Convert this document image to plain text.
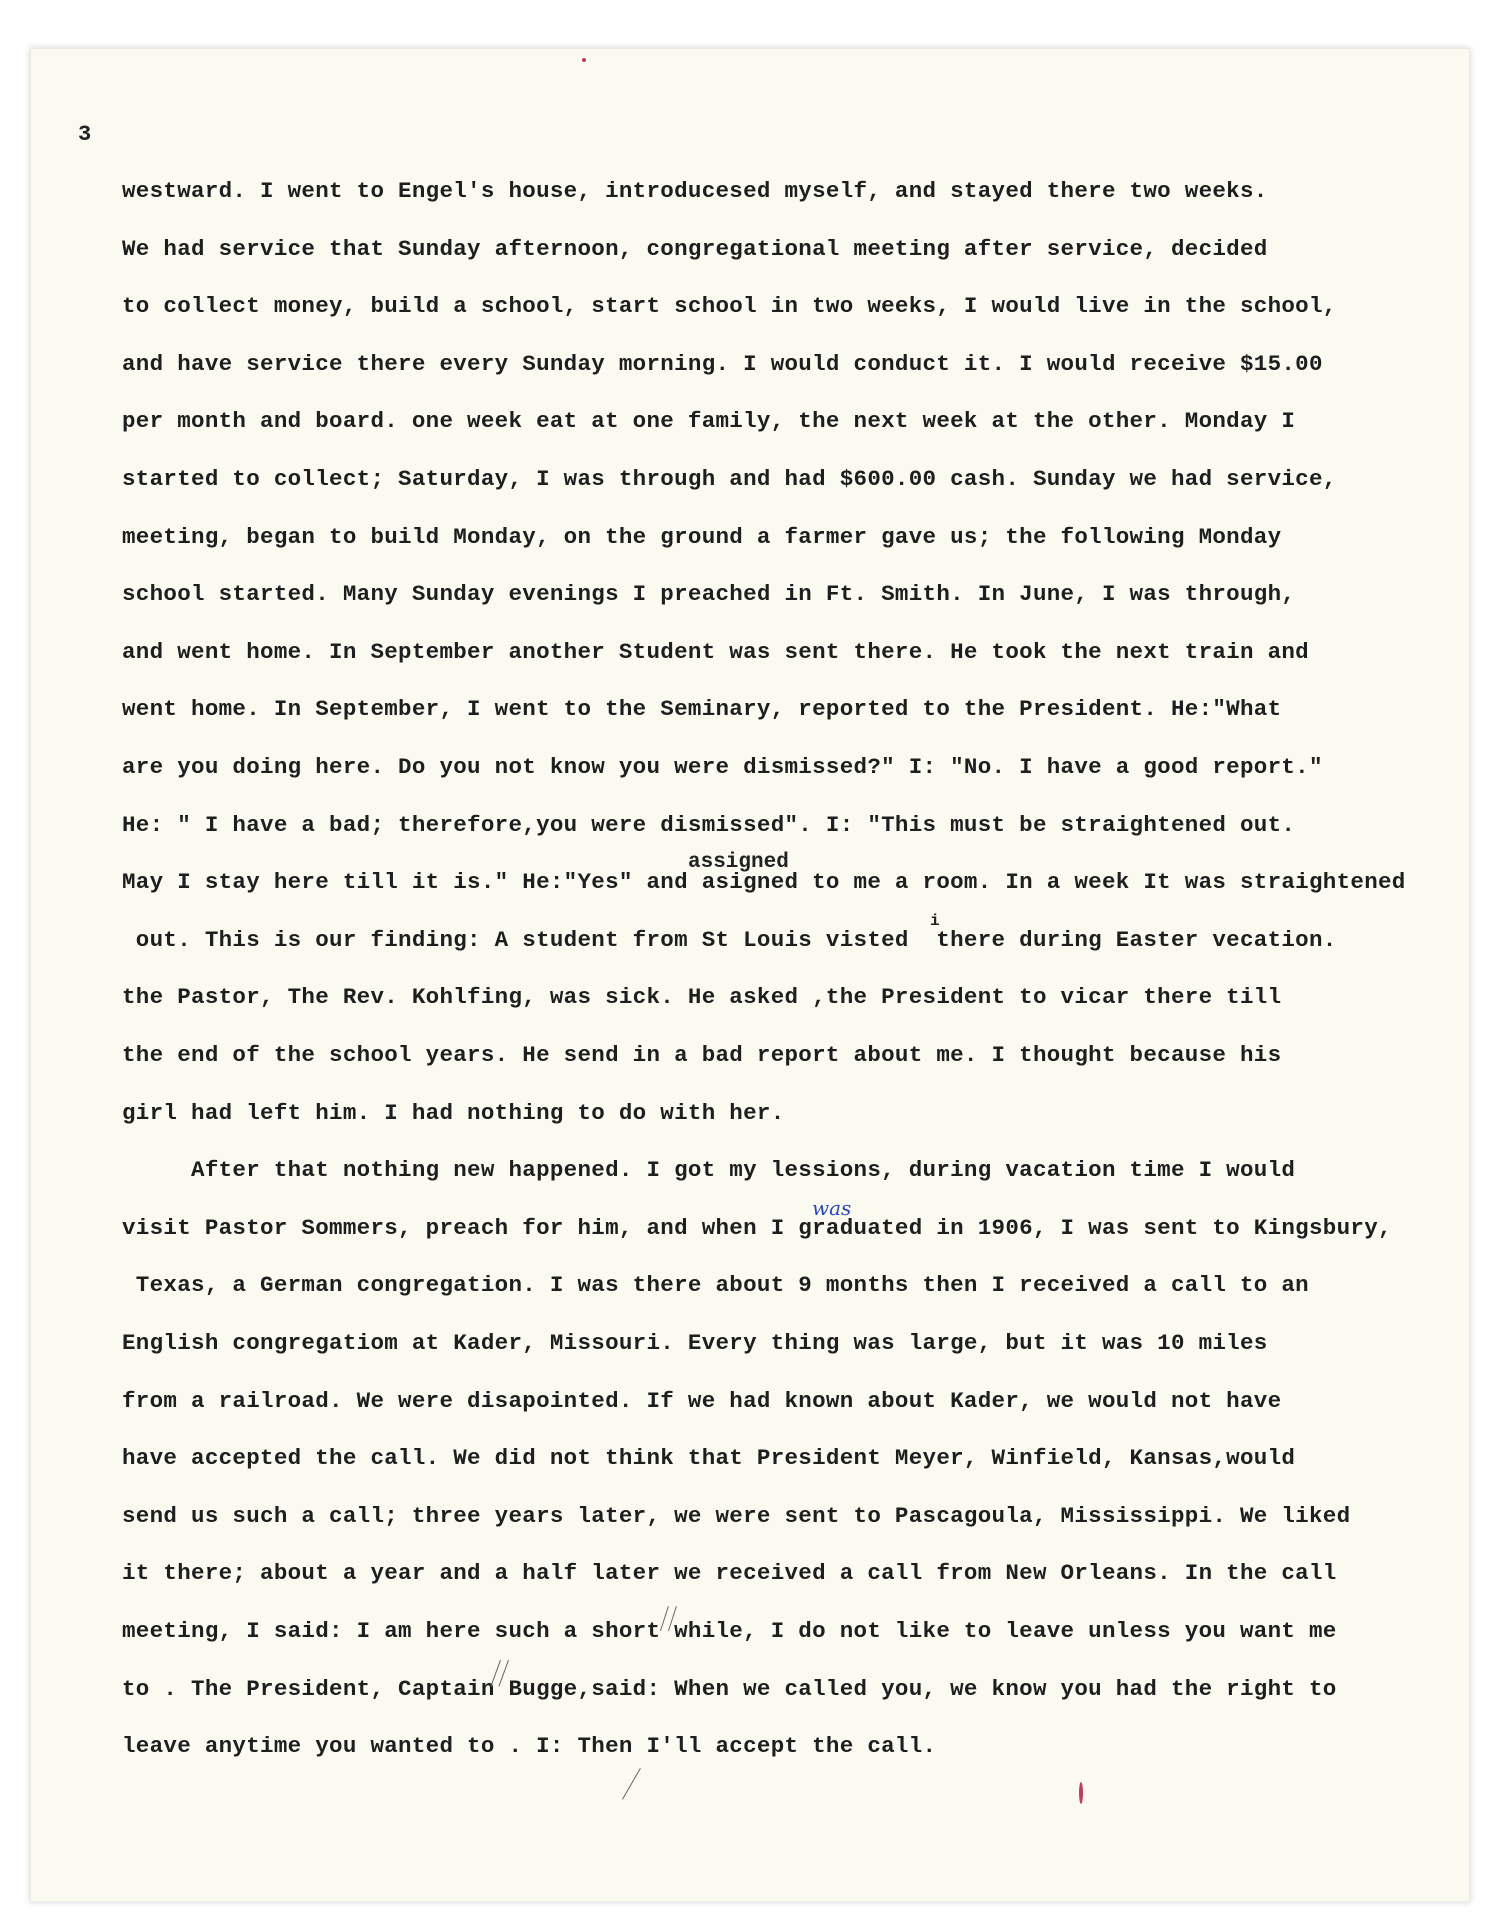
3
westward. I went to Engel's house, introducesed myself, and stayed there two weeks.
We had service that Sunday afternoon, congregational meeting after service, decided
to collect money, build a school, start school in two weeks, I would live in the school,
and have service there every Sunday morning. I would conduct it. I would receive $15.00
per month and board. one week eat at one family, the next week at the other. Monday I
started to collect; Saturday, I was through and had $600.00 cash. Sunday we had service,
meeting, began to build Monday, on the ground a farmer gave us; the following Monday
school started. Many Sunday evenings I preached in Ft. Smith. In June, I was through,
and went home. In September another Student was sent there. He took the next train and
went home. In September, I went to the Seminary, reported to the President. He:"What
are you doing here. Do you not know you were dismissed?" I: "No. I have a good report."
He: " I have a bad; therefore,you were dismissed". I: "This must be straightened out.
May I stay here till it is." He:"Yes" and asigned to me a room. In a week It was straightened
out. This is our finding: A student from St Louis visted  there during Easter vecation.
the Pastor, The Rev. Kohlfing, was sick. He asked ,the President to vicar there till
the end of the school years. He send in a bad report about me. I thought because his
girl had left him. I had nothing to do with her.
After that nothing new happened. I got my lessions, during vacation time I would
visit Pastor Sommers, preach for him, and when I graduated in 1906, I was sent to Kingsbury,
Texas, a German congregation. I was there about 9 months then I received a call to an
English congregatiom at Kader, Missouri. Every thing was large, but it was 10 miles
from a railroad. We were disapointed. If we had known about Kader, we would not have
have accepted the call. We did not think that President Meyer, Winfield, Kansas,would
send us such a call; three years later, we were sent to Pascagoula, Mississippi. We liked
it there; about a year and a half later we received a call from New Orleans. In the call
meeting, I said: I am here such a short while, I do not like to leave unless you want me
to . The President, Captain Bugge,said: When we called you, we know you had the right to
leave anytime you wanted to . I: Then I'll accept the call.
assigned
i
was
